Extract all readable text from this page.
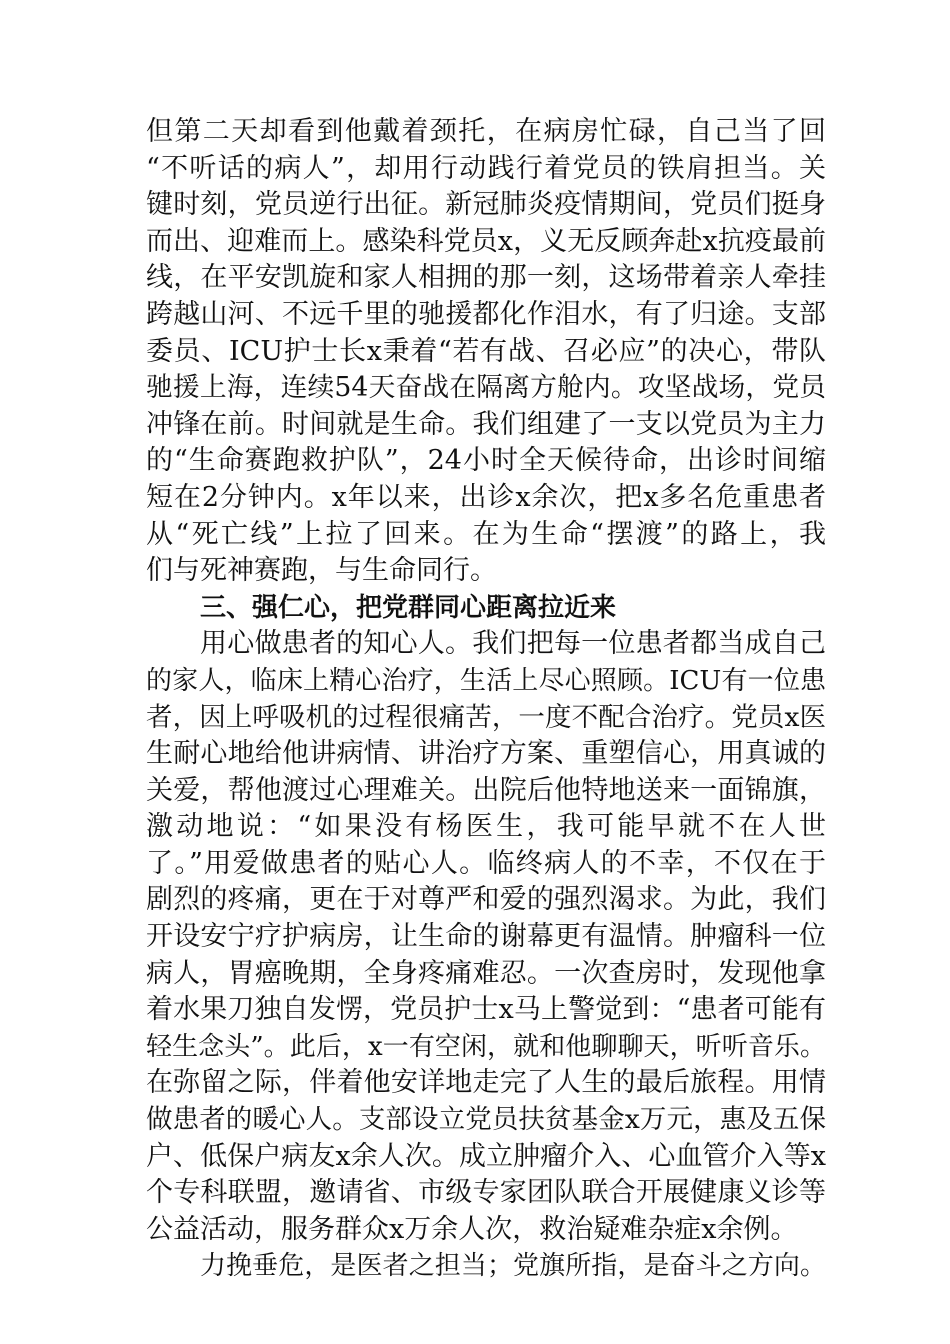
但第二天却看到他戴着颈托，在病房忙碌，自己当了回
“不听话的病人”，却用行动践行着党员的铁肩担当。关
键时刻，党员逆行出征。新冠肺炎疫情期间，党员们挺身
而出、迎难而上。感染科党员x，义无反顾奔赴x抗疫最前
线，在平安凯旋和家人相拥的那一刻，这场带着亲人牵挂
跨越山河、不远千里的驰援都化作泪水，有了归途。支部
委员、ICU护士长x秉着“若有战、召必应”的决心，带队
驰援上海，连续54天奋战在隔离方舱内。攻坚战场，党员
冲锋在前。时间就是生命。我们组建了一支以党员为主力
的“生命赛跑救护队”，24小时全天候待命，出诊时间缩
短在2分钟内。x年以来，出诊x余次，把x多名危重患者
从“死亡线”上拉了回来。在为生命“摆渡”的路上，我
们与死神赛跑，与生命同行。
三、强仁心，把党群同心距离拉近来
用心做患者的知心人。我们把每一位患者都当成自己
的家人，临床上精心治疗，生活上尽心照顾。ICU有一位患
者，因上呼吸机的过程很痛苦，一度不配合治疗。党员x医
生耐心地给他讲病情、讲治疗方案、重塑信心，用真诚的
关爱，帮他渡过心理难关。出院后他特地送来一面锦旗，
激动地说：“如果没有杨医生，我可能早就不在人世
了。”用爱做患者的贴心人。临终病人的不幸，不仅在于
剧烈的疼痛，更在于对尊严和爱的强烈渴求。为此，我们
开设安宁疗护病房，让生命的谢幕更有温情。肿瘤科一位
病人，胃癌晚期，全身疼痛难忍。一次查房时，发现他拿
着水果刀独自发愣，党员护士x马上警觉到：“患者可能有
轻生念头”。此后，x一有空闲，就和他聊聊天，听听音乐。
在弥留之际，伴着他安详地走完了人生的最后旅程。用情
做患者的暖心人。支部设立党员扶贫基金x万元，惠及五保
户、低保户病友x余人次。成立肿瘤介入、心血管介入等x
个专科联盟，邀请省、市级专家团队联合开展健康义诊等
公益活动，服务群众x万余人次，救治疑难杂症x余例。
力挽垂危，是医者之担当；党旗所指，是奋斗之方向。
